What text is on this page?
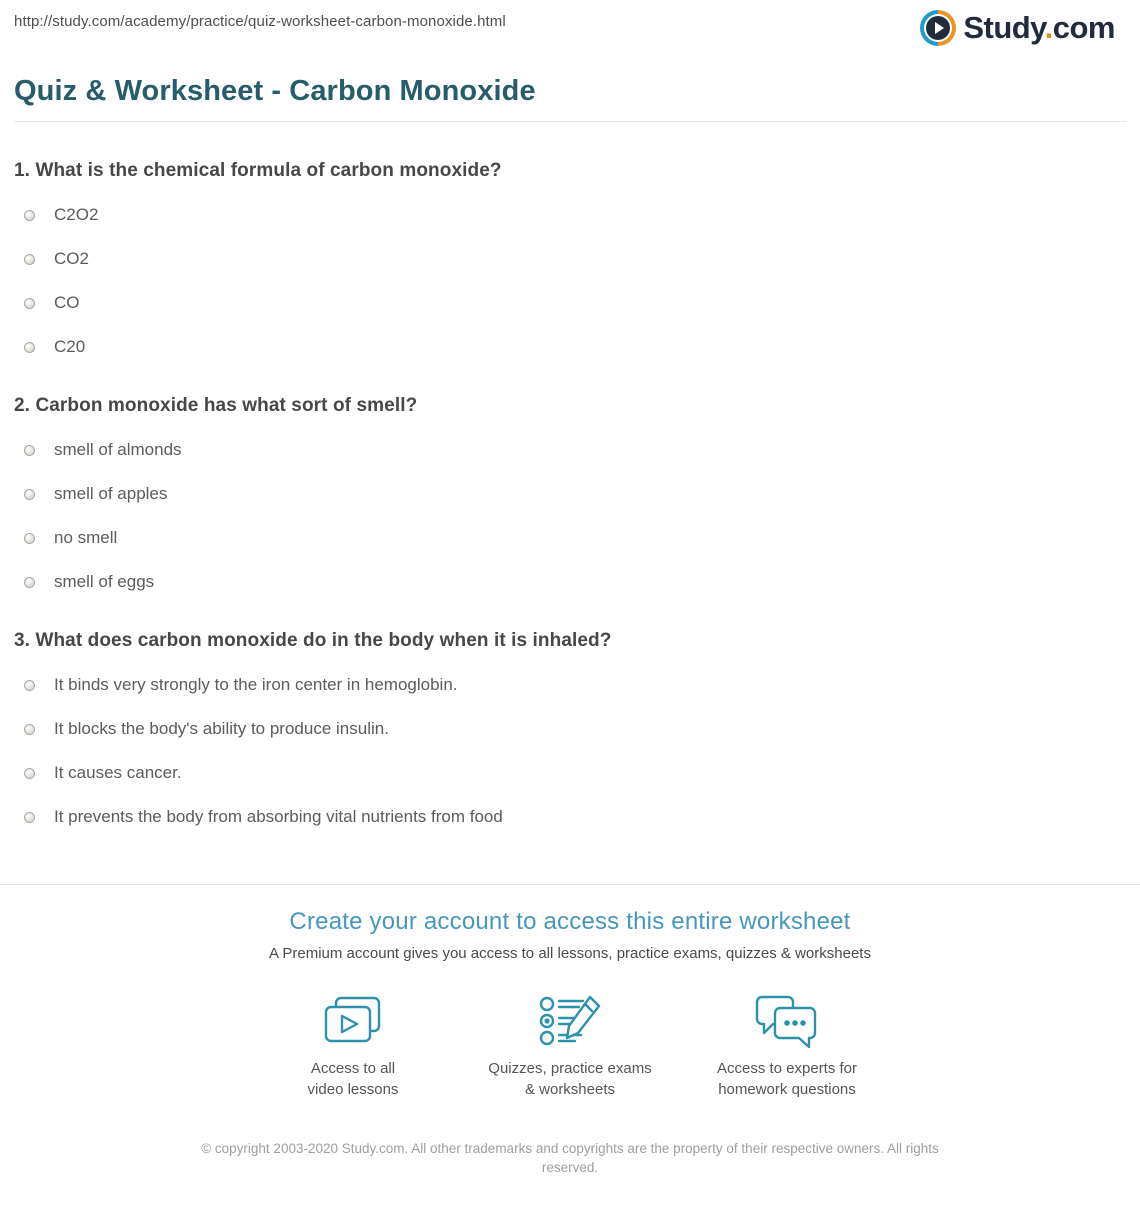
http://study.com/academy/practice/quiz-worksheet-carbon-monoxide.html	Study.com
Quiz & Worksheet - Carbon Monoxide
1. What is the chemical formula of carbon monoxide?
C2O2
CO2
CO
C20
2. Carbon monoxide has what sort of smell?
smell of almonds
smell of apples
no smell
smell of eggs
3. What does carbon monoxide do in the body when it is inhaled?
It binds very strongly to the iron center in hemoglobin.
It blocks the body's ability to produce insulin.
It causes cancer.
It prevents the body from absorbing vital nutrients from food
Create your account to access this entire worksheet
A Premium account gives you access to all lessons, practice exams, quizzes & worksheets
Access to all
video lessons
Quizzes, practice exams
& worksheets
Access to experts for
homework questions
© copyright 2003-2020 Study.com. All other trademarks and copyrights are the property of their respective owners. All rights reserved.
